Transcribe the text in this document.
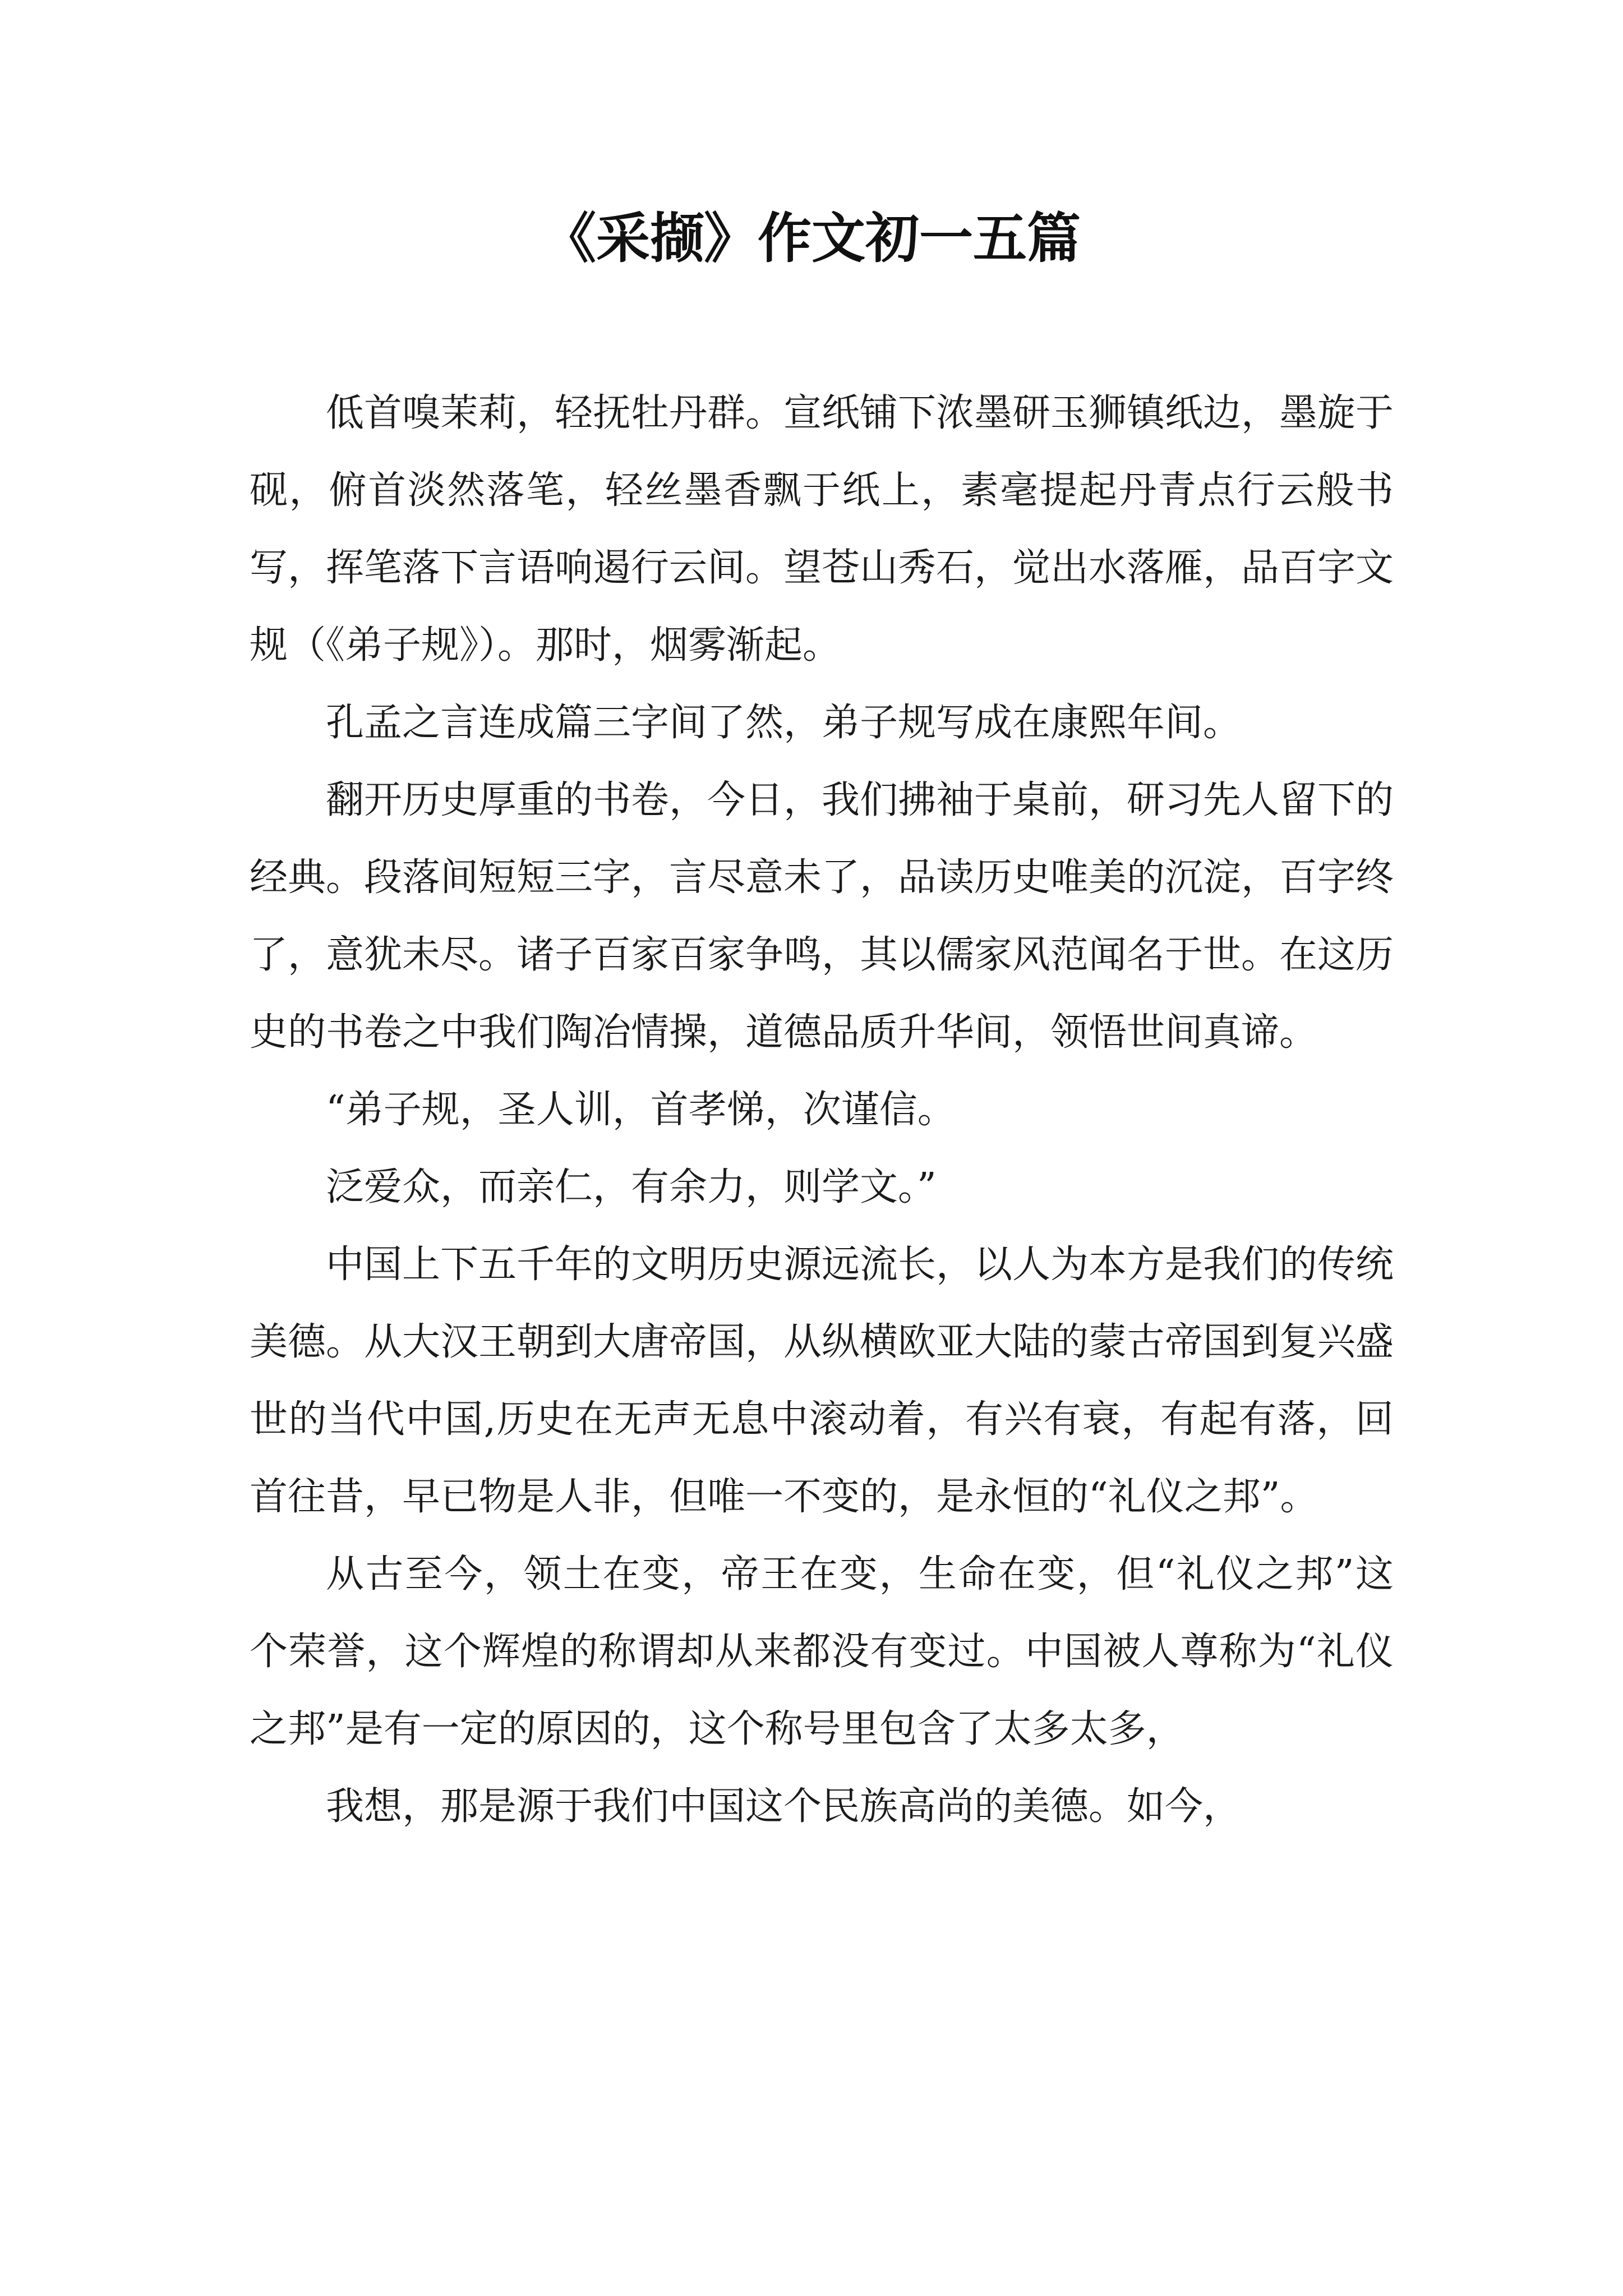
《采撷》作文初一五篇

低首嗅茉莉，轻抚牡丹群。宣纸铺下浓墨研玉狮镇纸边，墨旋于砚，俯首淡然落笔，轻丝墨香飘于纸上，素毫提起丹青点行云般书写，挥笔落下言语响遏行云间。望苍山秀石，觉出水落雁，品百字文规（《弟子规》）。那时，烟雾渐起。

孔孟之言连成篇三字间了然，弟子规写成在康熙年间。

翻开历史厚重的书卷，今日，我们拂袖于桌前，研习先人留下的经典。段落间短短三字，言尽意未了，品读历史唯美的沉淀，百字终了，意犹未尽。诸子百家百家争鸣，其以儒家风范闻名于世。在这历史的书卷之中我们陶冶情操，道德品质升华间，领悟世间真谛。

“弟子规，圣人训，首孝悌，次谨信。

泛爱众，而亲仁，有余力，则学文。”

中国上下五千年的文明历史源远流长，以人为本方是我们的传统美德。从大汉王朝到大唐帝国，从纵横欧亚大陆的蒙古帝国到复兴盛世的当代中国,历史在无声无息中滚动着，有兴有衰，有起有落，回首往昔，早已物是人非，但唯一不变的，是永恒的“礼仪之邦”。

从古至今，领土在变，帝王在变，生命在变，但“礼仪之邦”这个荣誉，这个辉煌的称谓却从来都没有变过。中国被人尊称为“礼仪之邦”是有一定的原因的，这个称号里包含了太多太多，

我想，那是源于我们中国这个民族高尚的美德。如今，
